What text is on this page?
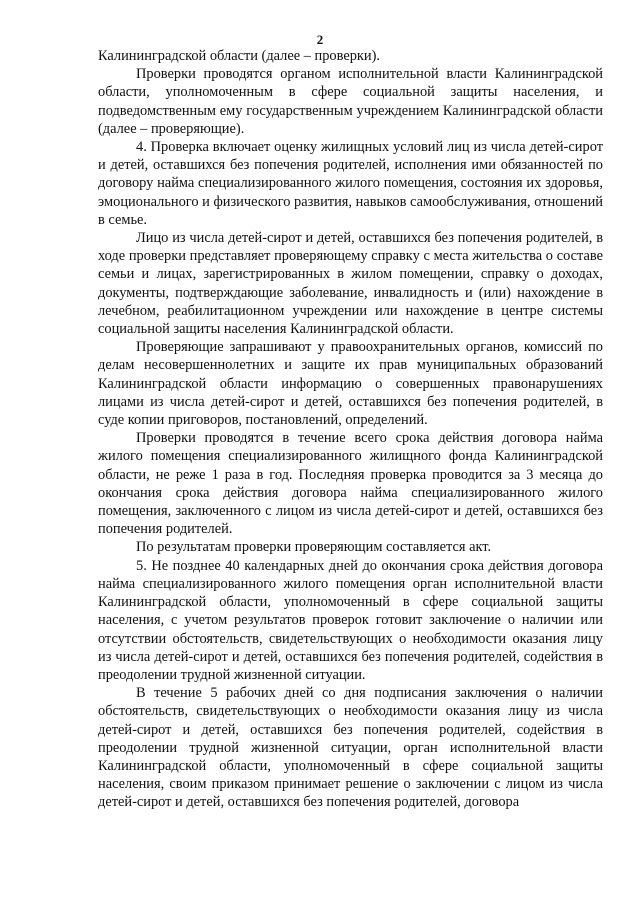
2

Калининградской области (далее – проверки).

Проверки проводятся органом исполнительной власти Калининградской области, уполномоченным в сфере социальной защиты населения, и подведомственным ему государственным учреждением Калининградской области (далее – проверяющие).

4. Проверка включает оценку жилищных условий лиц из числа детей-сирот и детей, оставшихся без попечения родителей, исполнения ими обязанностей по договору найма специализированного жилого помещения, состояния их здоровья, эмоционального и физического развития, навыков самообслуживания, отношений в семье.

Лицо из числа детей-сирот и детей, оставшихся без попечения родителей, в ходе проверки представляет проверяющему справку с места жительства о составе семьи и лицах, зарегистрированных в жилом помещении, справку о доходах, документы, подтверждающие заболевание, инвалидность и (или) нахождение в лечебном, реабилитационном учреждении или нахождение в центре системы социальной защиты населения Калининградской области.

Проверяющие запрашивают у правоохранительных органов, комиссий по делам несовершеннолетних и защите их прав муниципальных образований Калининградской области информацию о совершенных правонарушениях лицами из числа детей-сирот и детей, оставшихся без попечения родителей, в суде копии приговоров, постановлений, определений.

Проверки проводятся в течение всего срока действия договора найма жилого помещения специализированного жилищного фонда Калининградской области, не реже 1 раза в год. Последняя проверка проводится за 3 месяца до окончания срока действия договора найма специализированного жилого помещения, заключенного с лицом из числа детей-сирот и детей, оставшихся без попечения родителей.

По результатам проверки проверяющим составляется акт.

5. Не позднее 40 календарных дней до окончания срока действия договора найма специализированного жилого помещения орган исполнительной власти Калининградской области, уполномоченный в сфере социальной защиты населения, с учетом результатов проверок готовит заключение о наличии или отсутствии обстоятельств, свидетельствующих о необходимости оказания лицу из числа детей-сирот и детей, оставшихся без попечения родителей, содействия в преодолении трудной жизненной ситуации.

В течение 5 рабочих дней со дня подписания заключения о наличии обстоятельств, свидетельствующих о необходимости оказания лицу из числа детей-сирот и детей, оставшихся без попечения родителей, содействия в преодолении трудной жизненной ситуации, орган исполнительной власти Калининградской области, уполномоченный в сфере социальной защиты населения, своим приказом принимает решение о заключении с лицом из числа детей-сирот и детей, оставшихся без попечения родителей, договора
